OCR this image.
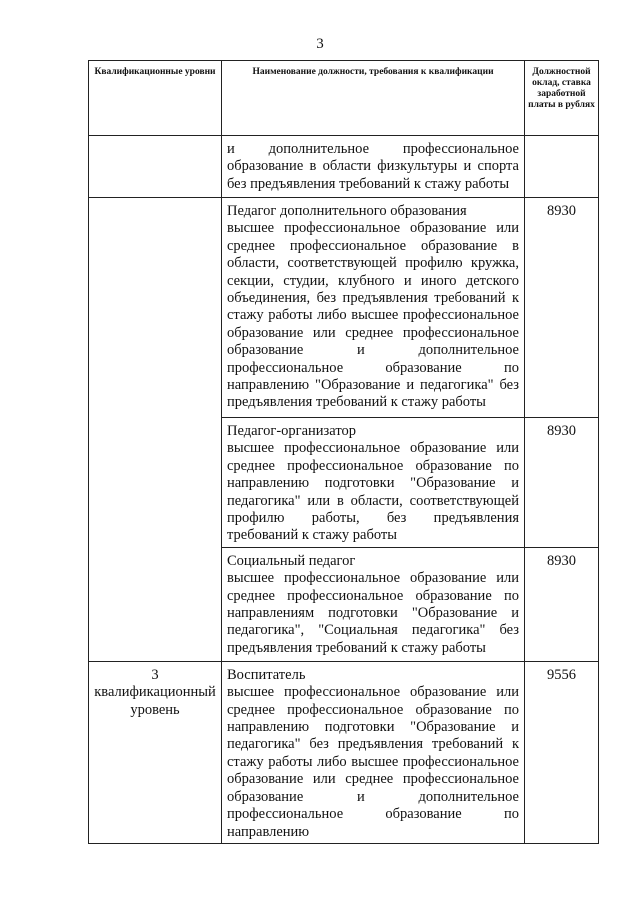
3
Квалификационные уровни	Наименование должности, требования к квалификации	Должностной оклад, ставка заработной платы в рублях

	и дополнительное профессиональное образование в области физкультуры и спорта без предъявления требований к стажу работы	

	Педагог дополнительного образования
высшее профессиональное образование или среднее профессиональное образование в области, соответствующей профилю кружка, секции, студии, клубного и иного детского объединения, без предъявления требований к стажу работы либо высшее профессиональное образование или среднее профессиональное образование и дополнительное профессиональное образование по направлению "Образование и педагогика" без предъявления требований к стажу работы	8930

	Педагог-организатор
высшее профессиональное образование или среднее профессиональное образование по направлению подготовки "Образование и педагогика" или в области, соответствующей профилю работы, без предъявления требований к стажу работы	8930

	Социальный педагог
высшее профессиональное образование или среднее профессиональное образование по направлениям подготовки "Образование и педагогика", "Социальная педагогика" без предъявления требований к стажу работы	8930

3 квалификационный уровень	Воспитатель
высшее профессиональное образование или среднее профессиональное образование по направлению подготовки "Образование и педагогика" без предъявления требований к стажу работы либо высшее профессиональное образование или среднее профессиональное образование и дополнительное профессиональное образование по направлению	9556
